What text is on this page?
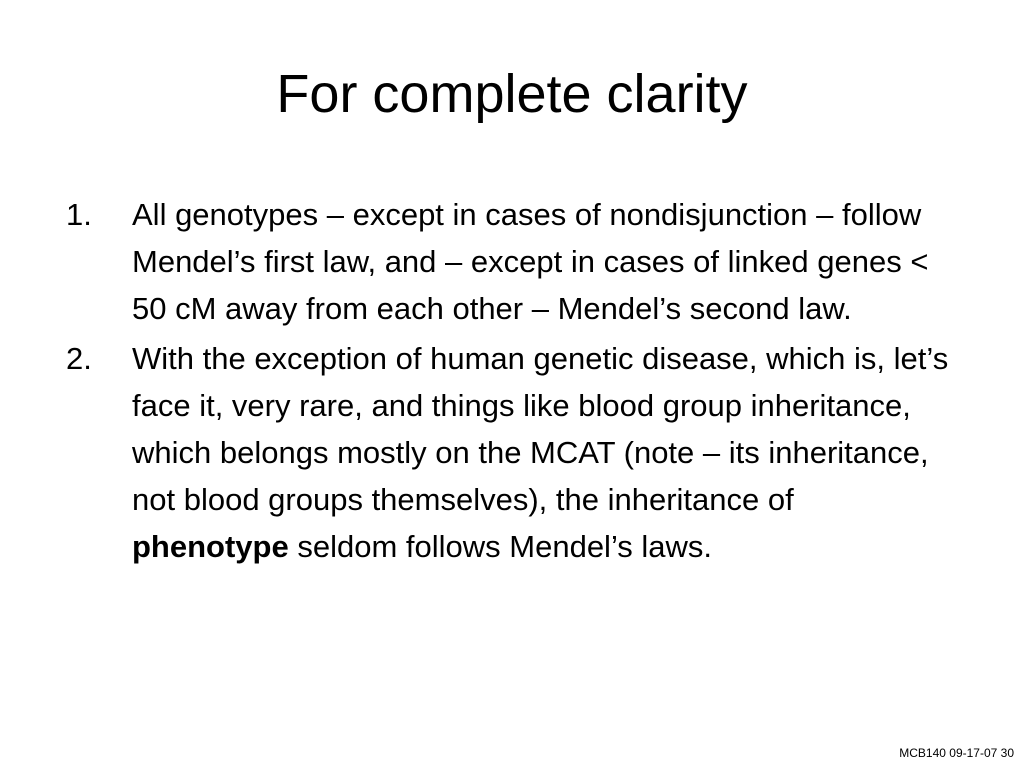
For complete clarity
1. All genotypes – except in cases of nondisjunction – follow Mendel’s first law, and – except in cases of linked genes < 50 cM away from each other – Mendel’s second law.
2. With the exception of human genetic disease, which is, let’s face it, very rare, and things like blood group inheritance, which belongs mostly on the MCAT (note – its inheritance, not blood groups themselves), the inheritance of
phenotype seldom follows Mendel’s laws.
MCB140 09-17-07 30
